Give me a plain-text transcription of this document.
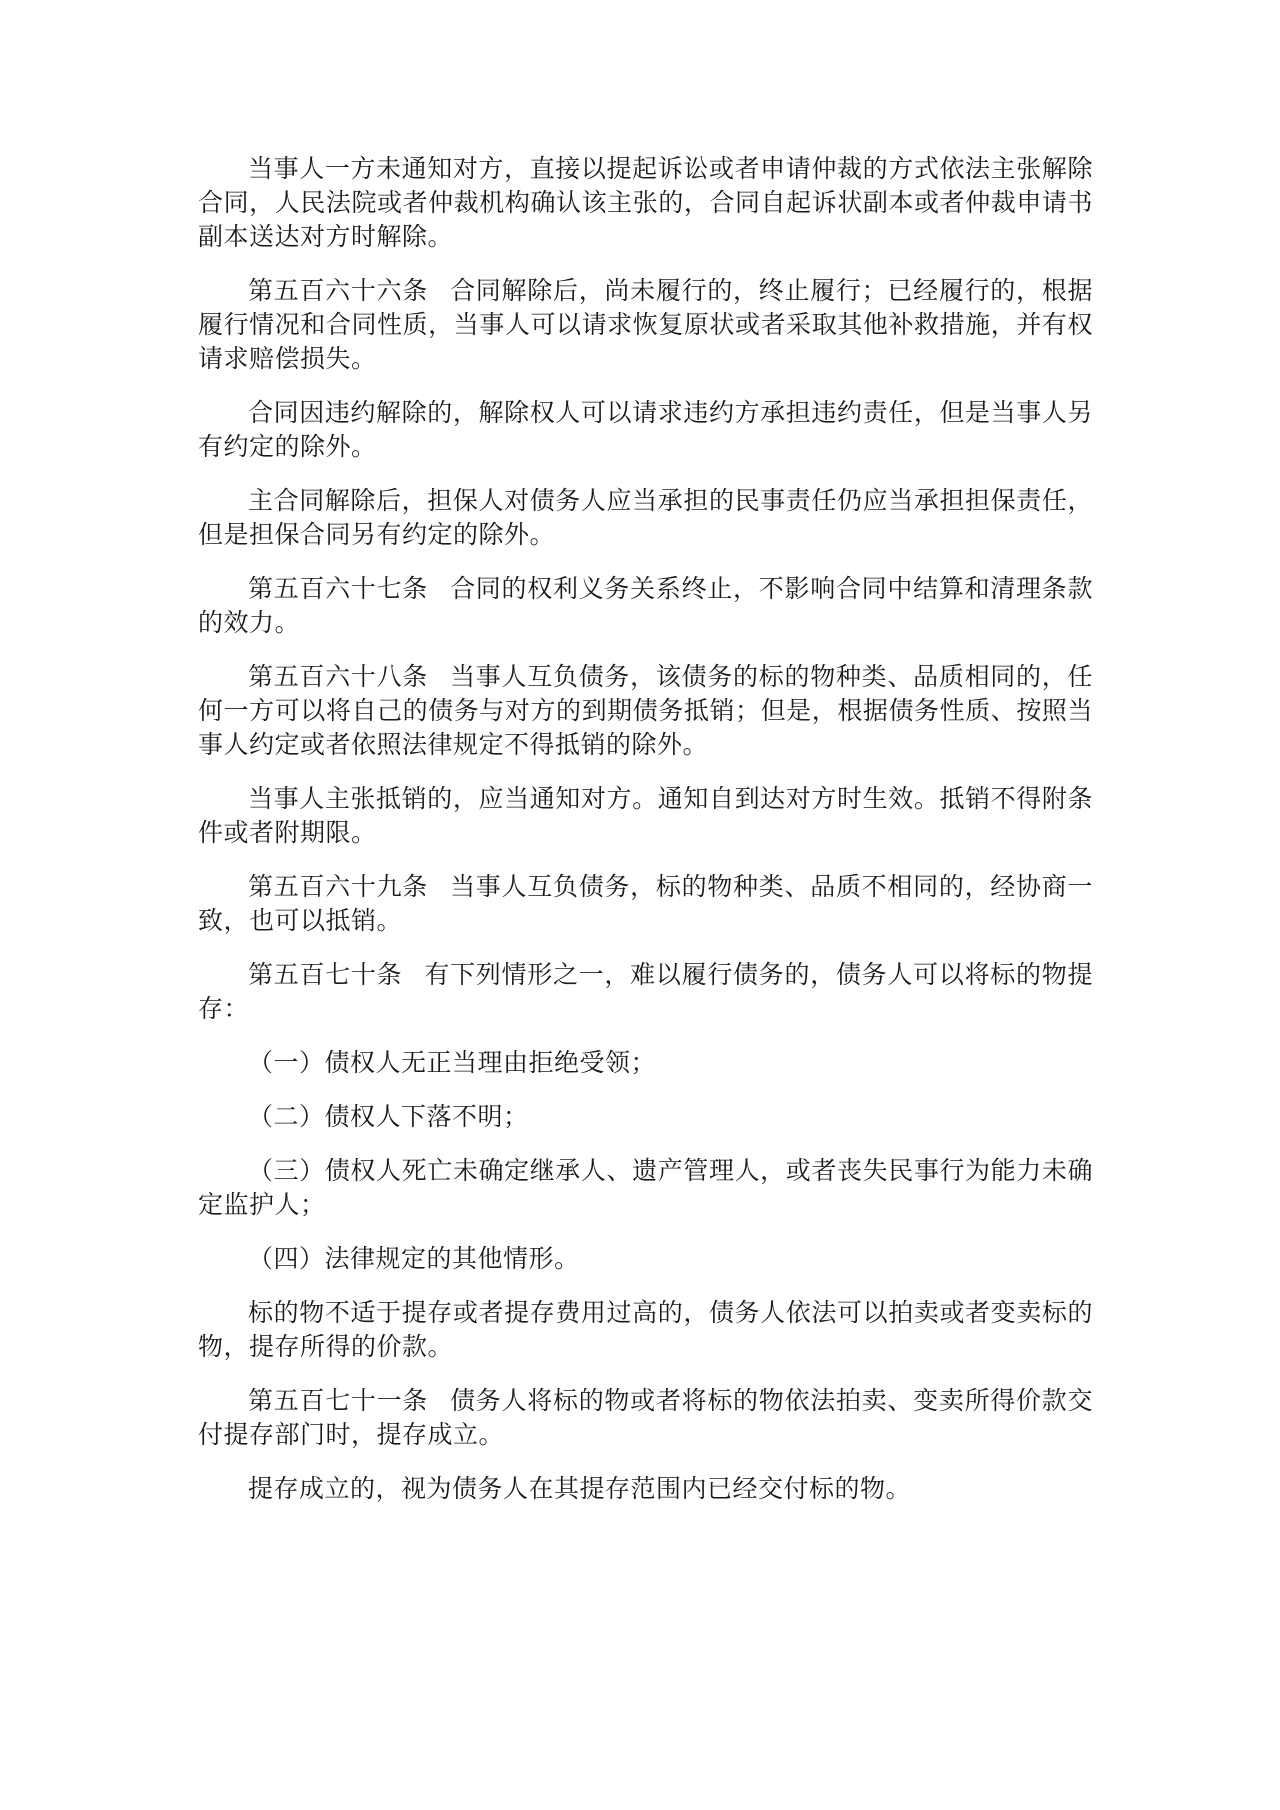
当事人一方未通知对方，直接以提起诉讼或者申请仲裁的方式依法主张解除合同，人民法院或者仲裁机构确认该主张的，合同自起诉状副本或者仲裁申请书副本送达对方时解除。

第五百六十六条 合同解除后，尚未履行的，终止履行；已经履行的，根据履行情况和合同性质，当事人可以请求恢复原状或者采取其他补救措施，并有权请求赔偿损失。

合同因违约解除的，解除权人可以请求违约方承担违约责任，但是当事人另有约定的除外。

主合同解除后，担保人对债务人应当承担的民事责任仍应当承担担保责任，但是担保合同另有约定的除外。

第五百六十七条 合同的权利义务关系终止，不影响合同中结算和清理条款的效力。

第五百六十八条 当事人互负债务，该债务的标的物种类、品质相同的，任何一方可以将自己的债务与对方的到期债务抵销；但是，根据债务性质、按照当事人约定或者依照法律规定不得抵销的除外。

当事人主张抵销的，应当通知对方。通知自到达对方时生效。抵销不得附条件或者附期限。

第五百六十九条 当事人互负债务，标的物种类、品质不相同的，经协商一致，也可以抵销。

第五百七十条 有下列情形之一，难以履行债务的，债务人可以将标的物提存：

（一）债权人无正当理由拒绝受领；

（二）债权人下落不明；

（三）债权人死亡未确定继承人、遗产管理人，或者丧失民事行为能力未确定监护人；

（四）法律规定的其他情形。

标的物不适于提存或者提存费用过高的，债务人依法可以拍卖或者变卖标的物，提存所得的价款。

第五百七十一条 债务人将标的物或者将标的物依法拍卖、变卖所得价款交付提存部门时，提存成立。

提存成立的，视为债务人在其提存范围内已经交付标的物。
